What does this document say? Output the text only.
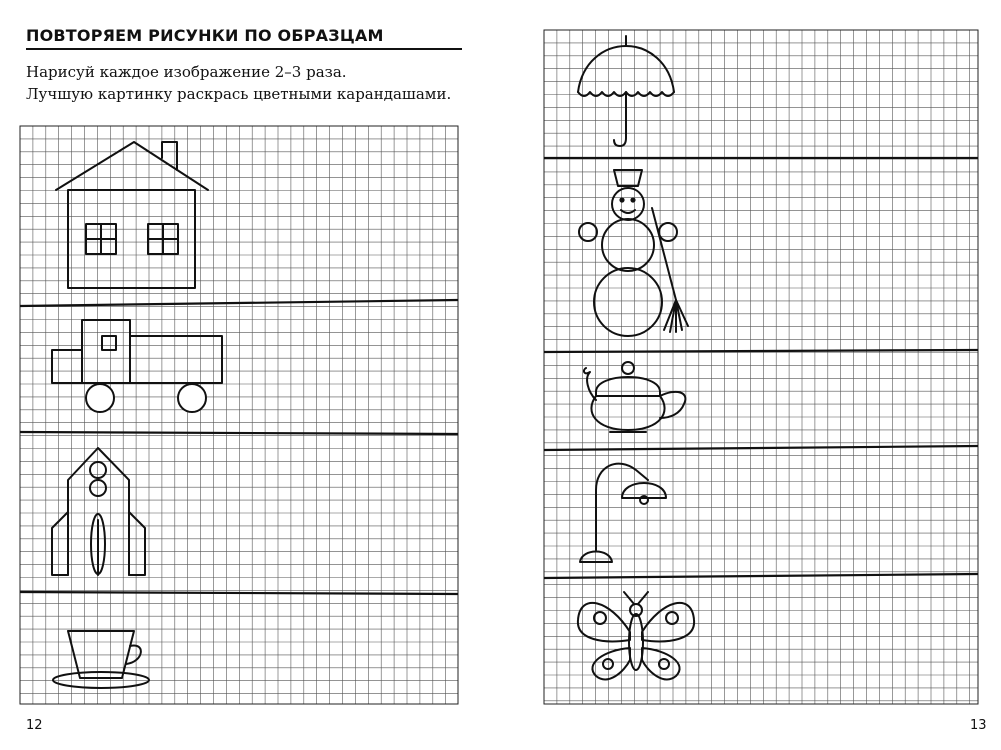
ПОВТОРЯЕМ РИСУНКИ ПО ОБРАЗЦАМ
Нарисуй каждое изображение 2–3 раза.
Лучшую картинку раскрась цветными карандашами.
12	13
